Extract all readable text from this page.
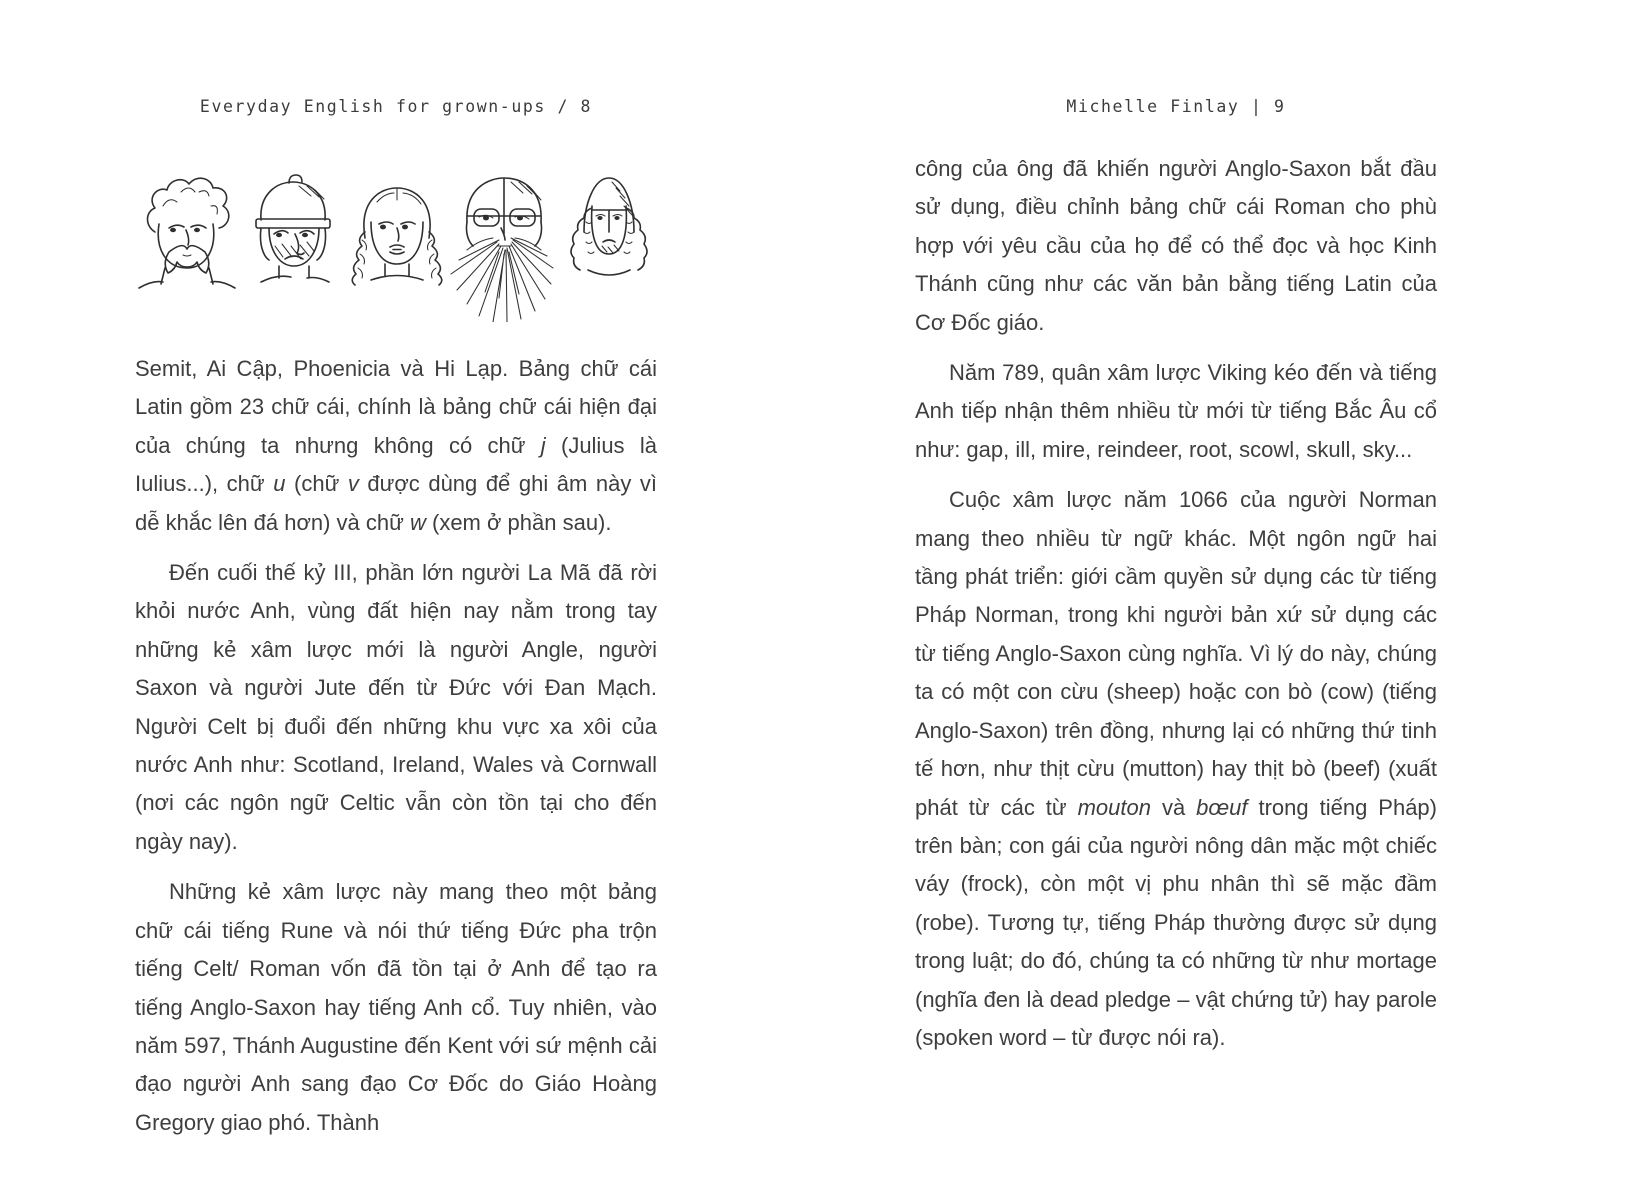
Everyday English for grown-ups / 8

Semit, Ai Cập, Phoenicia và Hi Lạp. Bảng chữ cái Latin gồm 23 chữ cái, chính là bảng chữ cái hiện đại của chúng ta nhưng không có chữ j (Julius là Iulius...), chữ u (chữ v được dùng để ghi âm này vì dễ khắc lên đá hơn) và chữ w (xem ở phần sau).

Đến cuối thế kỷ III, phần lớn người La Mã đã rời khỏi nước Anh, vùng đất hiện nay nằm trong tay những kẻ xâm lược mới là người Angle, người Saxon và người Jute đến từ Đức với Đan Mạch. Người Celt bị đuổi đến những khu vực xa xôi của nước Anh như: Scotland, Ireland, Wales và Cornwall (nơi các ngôn ngữ Celtic vẫn còn tồn tại cho đến ngày nay).

Những kẻ xâm lược này mang theo một bảng chữ cái tiếng Rune và nói thứ tiếng Đức pha trộn tiếng Celt/ Roman vốn đã tồn tại ở Anh để tạo ra tiếng Anglo-Saxon hay tiếng Anh cổ. Tuy nhiên, vào năm 597, Thánh Augustine đến Kent với sứ mệnh cải đạo người Anh sang đạo Cơ Đốc do Giáo Hoàng Gregory giao phó. Thành

Michelle Finlay | 9

công của ông đã khiến người Anglo-Saxon bắt đầu sử dụng, điều chỉnh bảng chữ cái Roman cho phù hợp với yêu cầu của họ để có thể đọc và học Kinh Thánh cũng như các văn bản bằng tiếng Latin của Cơ Đốc giáo.

Năm 789, quân xâm lược Viking kéo đến và tiếng Anh tiếp nhận thêm nhiều từ mới từ tiếng Bắc Âu cổ như: gap, ill, mire, reindeer, root, scowl, skull, sky...

Cuộc xâm lược năm 1066 của người Norman mang theo nhiều từ ngữ khác. Một ngôn ngữ hai tầng phát triển: giới cầm quyền sử dụng các từ tiếng Pháp Norman, trong khi người bản xứ sử dụng các từ tiếng Anglo-Saxon cùng nghĩa. Vì lý do này, chúng ta có một con cừu (sheep) hoặc con bò (cow) (tiếng Anglo-Saxon) trên đồng, nhưng lại có những thứ tinh tế hơn, như thịt cừu (mutton) hay thịt bò (beef) (xuất phát từ các từ mouton và bœuf trong tiếng Pháp) trên bàn; con gái của người nông dân mặc một chiếc váy (frock), còn một vị phu nhân thì sẽ mặc đầm (robe). Tương tự, tiếng Pháp thường được sử dụng trong luật; do đó, chúng ta có những từ như mortage (nghĩa đen là dead pledge – vật chứng tử) hay parole (spoken word – từ được nói ra).
